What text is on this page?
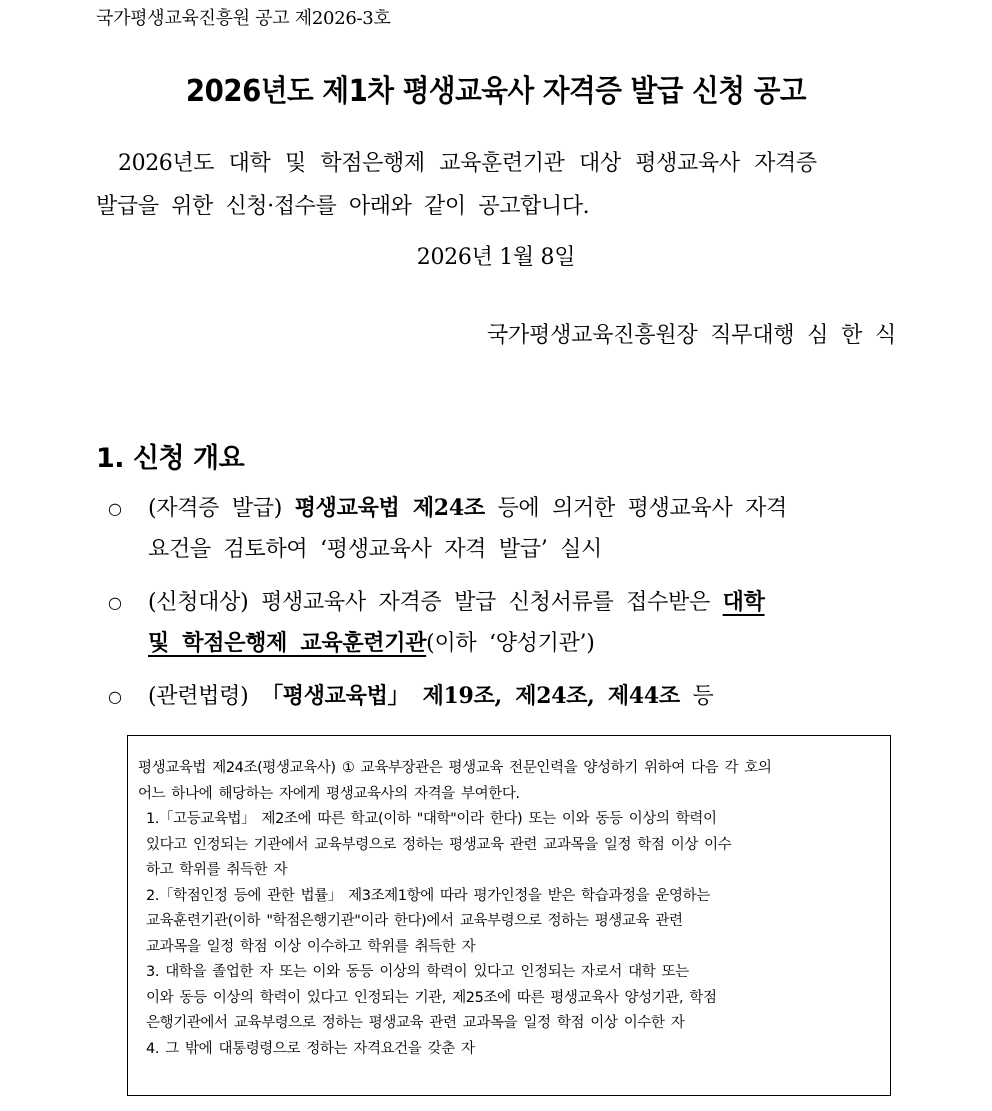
국가평생교육진흥원 공고 제2026-3호
2026년도 제1차 평생교육사 자격증 발급 신청 공고
2026년도 대학 및 학점은행제 교육훈련기관 대상 평생교육사 자격증
발급을 위한 신청·접수를 아래와 같이 공고합니다.
2026년 1월 8일
국가평생교육진흥원장 직무대행 심 한 식
1. 신청 개요
○ (자격증 발급) 평생교육법 제24조 등에 의거한 평생교육사 자격
요건을 검토하여 ‘평생교육사 자격 발급’ 실시
○ (신청대상) 평생교육사 자격증 발급 신청서류를 접수받은 대학
및 학점은행제 교육훈련기관(이하 ‘양성기관’)
○ (관련법령) 「평생교육법」 제19조, 제24조, 제44조 등
평생교육법 제24조(평생교육사) ① 교육부장관은 평생교육 전문인력을 양성하기 위하여 다음 각 호의
어느 하나에 해당하는 자에게 평생교육사의 자격을 부여한다.
1.「고등교육법」 제2조에 따른 학교(이하 "대학"이라 한다) 또는 이와 동등 이상의 학력이
있다고 인정되는 기관에서 교육부령으로 정하는 평생교육 관련 교과목을 일정 학점 이상 이수
하고 학위를 취득한 자
2.「학점인정 등에 관한 법률」 제3조제1항에 따라 평가인정을 받은 학습과정을 운영하는
교육훈련기관(이하 "학점은행기관"이라 한다)에서 교육부령으로 정하는 평생교육 관련
교과목을 일정 학점 이상 이수하고 학위를 취득한 자
3. 대학을 졸업한 자 또는 이와 동등 이상의 학력이 있다고 인정되는 자로서 대학 또는
이와 동등 이상의 학력이 있다고 인정되는 기관, 제25조에 따른 평생교육사 양성기관, 학점
은행기관에서 교육부령으로 정하는 평생교육 관련 교과목을 일정 학점 이상 이수한 자
4. 그 밖에 대통령령으로 정하는 자격요건을 갖춘 자
